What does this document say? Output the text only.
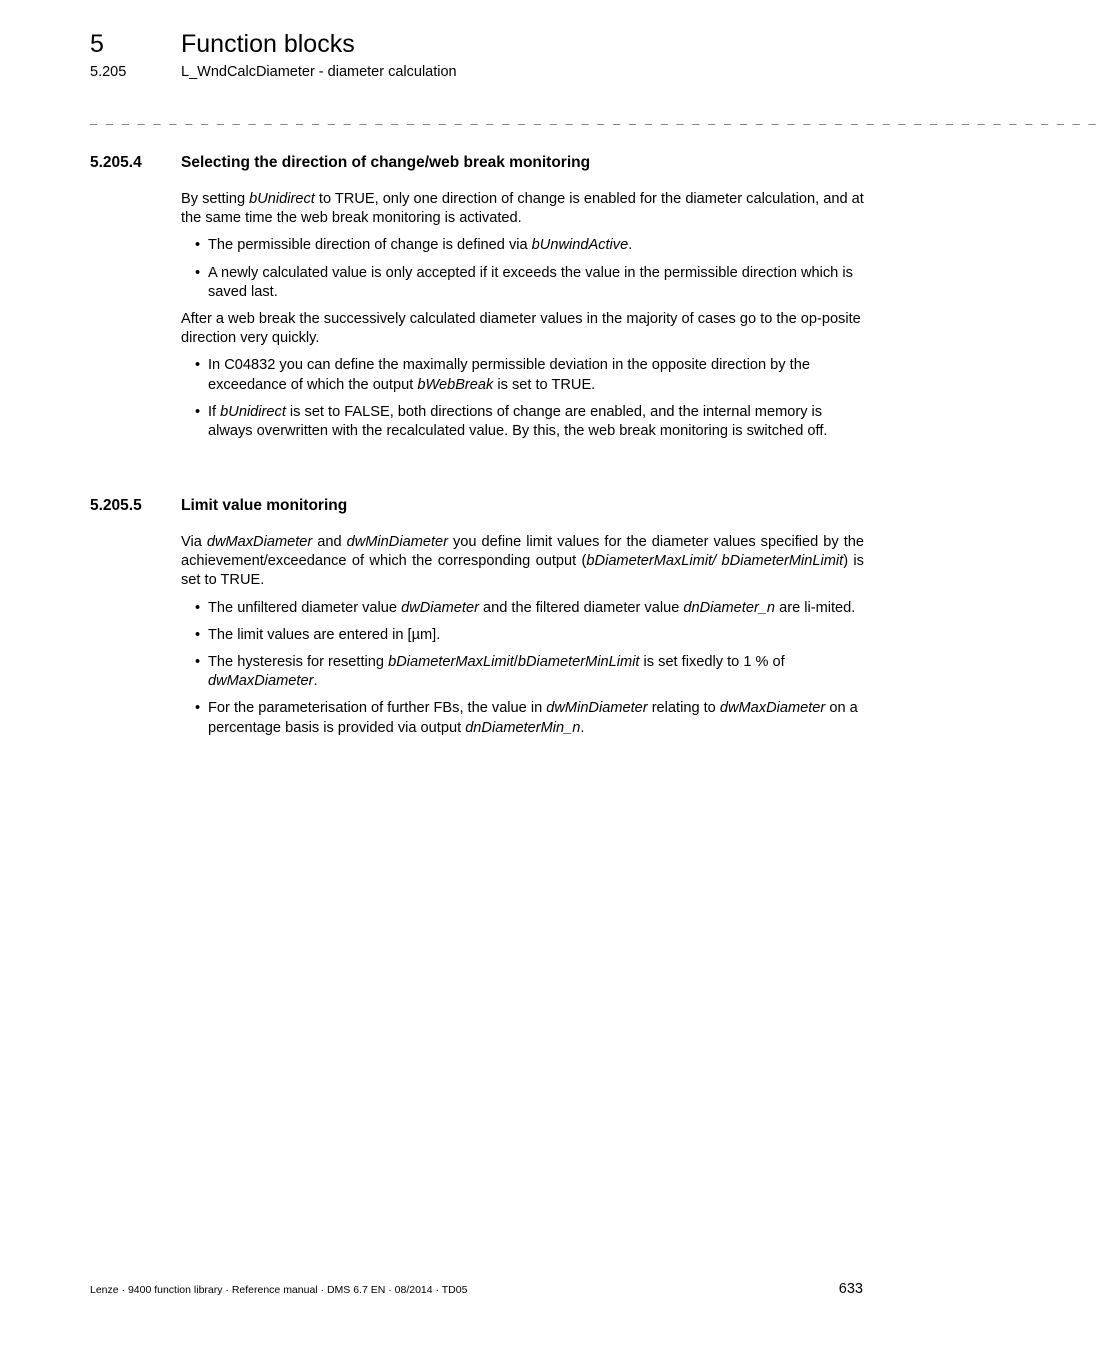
5	Function blocks
5.205	L_WndCalcDiameter - diameter calculation
_ _ _ _ _ _ _ _ _ _ _ _ _ _ _ _ _ _ _ _ _ _ _ _ _ _ _ _ _ _ _ _ _ _ _ _ _ _ _ _ _ _ _ _ _ _ _ _ _ _ _ _ _ _ _ _ _ _ _ _ _ _ _ _
5.205.4	Selecting the direction of change/web break monitoring

By setting bUnidirect to TRUE, only one direction of change is enabled for the diameter calculation, and at the same time the web break monitoring is activated.

• The permissible direction of change is defined via bUnwindActive.
• A newly calculated value is only accepted if it exceeds the value in the permissible direction which is saved last.

After a web break the successively calculated diameter values in the majority of cases go to the op-posite direction very quickly.

• In C04832 you can define the maximally permissible deviation in the opposite direction by the exceedance of which the output bWebBreak is set to TRUE.
• If bUnidirect is set to FALSE, both directions of change are enabled, and the internal memory is always overwritten with the recalculated value. By this, the web break monitoring is switched off.
5.205.5	Limit value monitoring

Via dwMaxDiameter and dwMinDiameter you define limit values for the diameter values specified by the achievement/exceedance of which the corresponding output (bDiameterMaxLimit/ bDiameterMinLimit) is set to TRUE.

• The unfiltered diameter value dwDiameter and the filtered diameter value dnDiameter_n are li-mited.
• The limit values are entered in [µm].
• The hysteresis for resetting bDiameterMaxLimit/bDiameterMinLimit is set fixedly to 1 % of dwMaxDiameter.
• For the parameterisation of further FBs, the value in dwMinDiameter relating to dwMaxDiameter on a percentage basis is provided via output dnDiameterMin_n.
Lenze · 9400 function library · Reference manual · DMS 6.7 EN · 08/2014 · TD05	633
